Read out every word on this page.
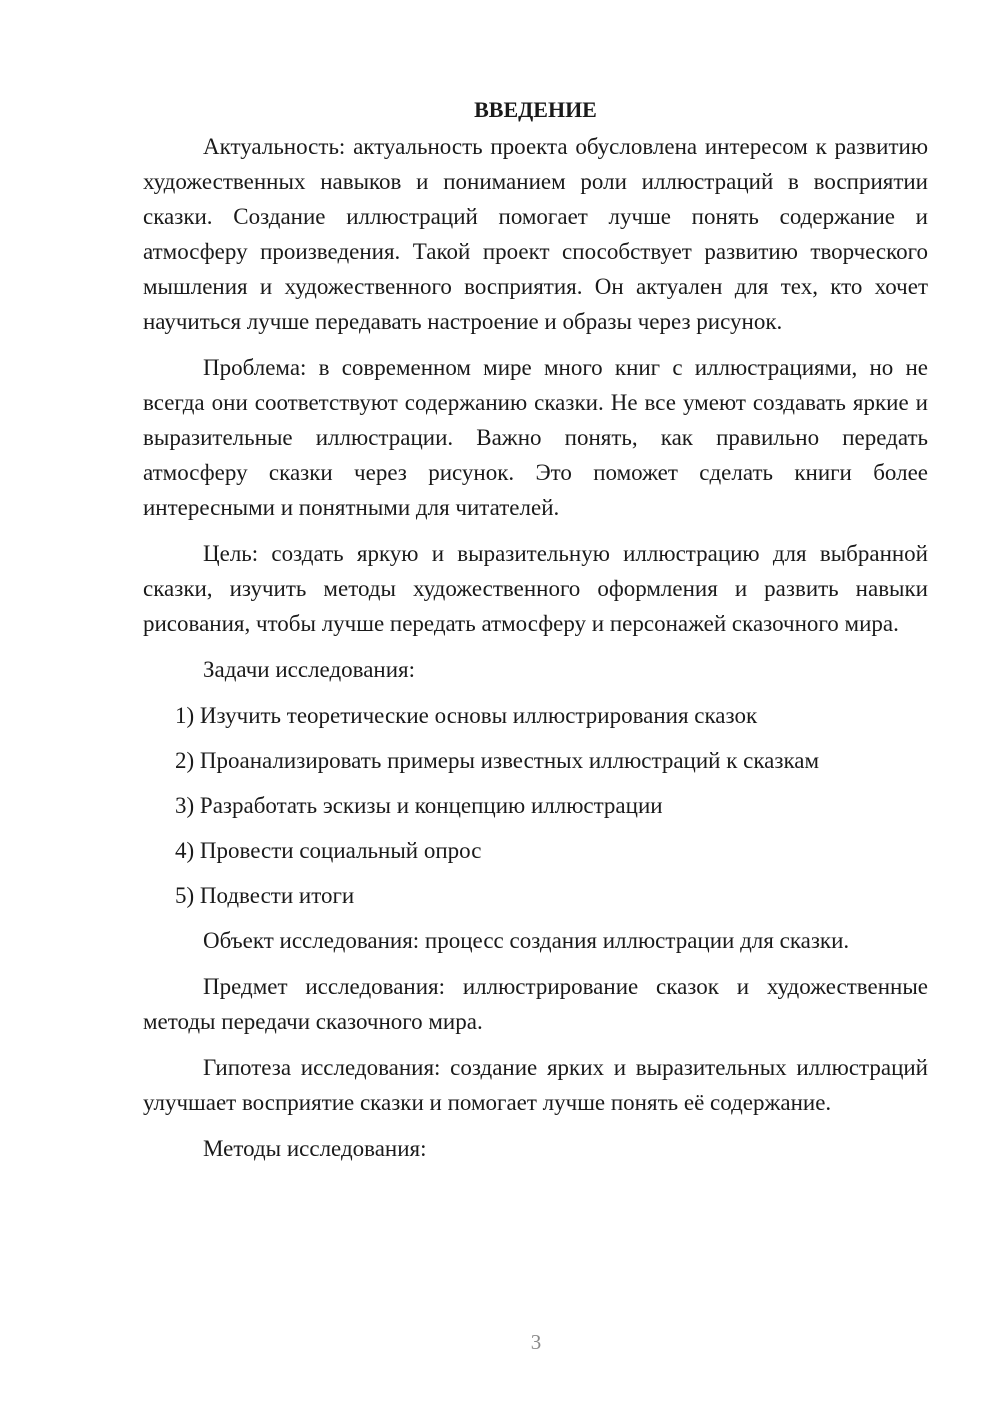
ВВЕДЕНИЕ

Актуальность: актуальность проекта обусловлена интересом к развитию художественных навыков и пониманием роли иллюстраций в восприятии сказки. Создание иллюстраций помогает лучше понять содержание и атмосферу произведения. Такой проект способствует развитию творческого мышления и художественного восприятия. Он актуален для тех, кто хочет научиться лучше передавать настроение и образы через рисунок.

Проблема: в современном мире много книг с иллюстрациями, но не всегда они соответствуют содержанию сказки. Не все умеют создавать яркие и выразительные иллюстрации. Важно понять, как правильно передать атмосферу сказки через рисунок. Это поможет сделать книги более интересными и понятными для читателей.

Цель: создать яркую и выразительную иллюстрацию для выбранной сказки, изучить методы художественного оформления и развить навыки рисования, чтобы лучше передать атмосферу и персонажей сказочного мира.

Задачи исследования:

1) Изучить теоретические основы иллюстрирования сказок
2) Проанализировать примеры известных иллюстраций к сказкам
3) Разработать эскизы и концепцию иллюстрации
4) Провести социальный опрос
5) Подвести итоги

Объект исследования: процесс создания иллюстрации для сказки.

Предмет исследования: иллюстрирование сказок и художественные методы передачи сказочного мира.

Гипотеза исследования: создание ярких и выразительных иллюстраций улучшает восприятие сказки и помогает лучше понять её содержание.

Методы исследования:

3
